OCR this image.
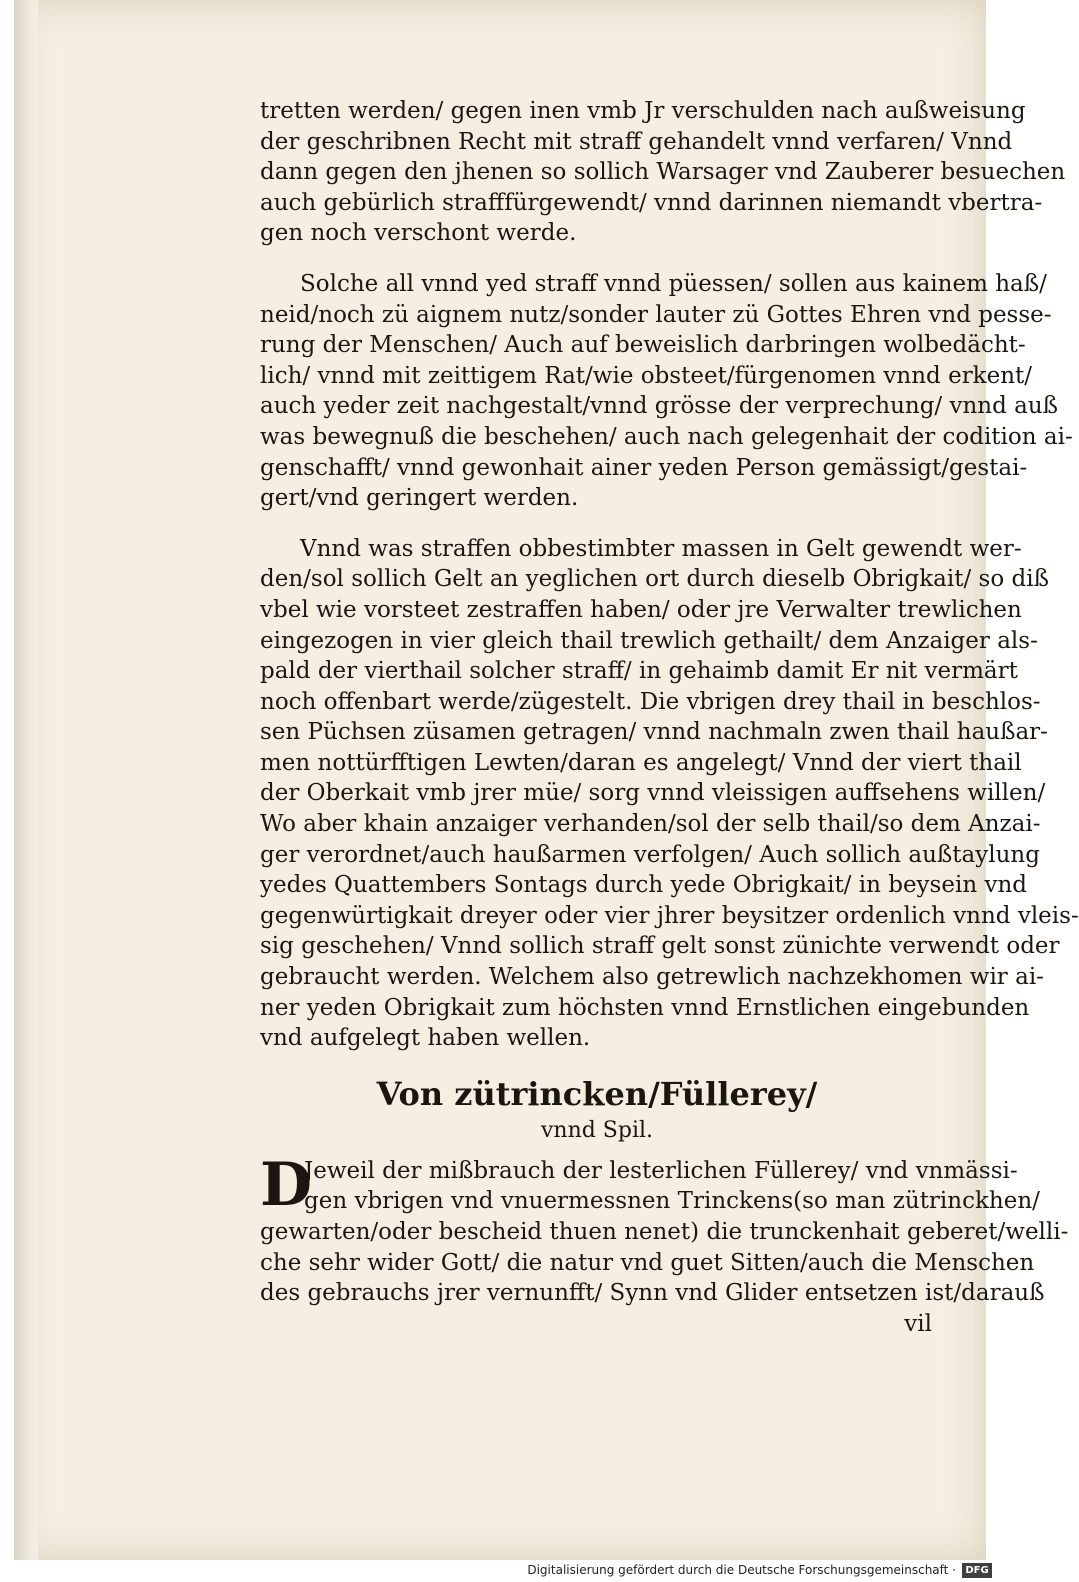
tretten werden/ gegen inen vmb Jr verschulden nach außweisung
der geschribnen Recht mit straff gehandelt vnnd verfaren/ Vnnd
dann gegen den jhenen so sollich Warsager vnd Zauberer besuechen
auch gebürlich strafffürgewendt/ vnnd darinnen niemandt vbertra-
gen noch verschont werde.
Solche all vnnd yed straff vnnd püessen/ sollen aus kainem haß/
neid/noch zü aignem nutz/sonder lauter zü Gottes Ehren vnd pesse-
rung der Menschen/ Auch auf beweislich darbringen wolbedächt-
lich/ vnnd mit zeittigem Rat/wie obsteet/fürgenomen vnnd erkent/
auch yeder zeit nachgestalt/vnnd grösse der verprechung/ vnnd auß
was bewegnuß die beschehen/ auch nach gelegenhait der codition ai-
genschafft/ vnnd gewonhait ainer yeden Person gemässigt/gestai-
gert/vnd geringert werden.
Vnnd was straffen obbestimbter massen in Gelt gewendt wer-
den/sol sollich Gelt an yeglichen ort durch dieselb Obrigkait/ so diß
vbel wie vorsteet zestraffen haben/ oder jre Verwalter trewlichen
eingezogen in vier gleich thail trewlich gethailt/ dem Anzaiger als-
pald der vierthail solcher straff/ in gehaimb damit Er nit vermärt
noch offenbart werde/zügestelt. Die vbrigen drey thail in beschlos-
sen Püchsen züsamen getragen/ vnnd nachmaln zwen thail haußar-
men nottürfftigen Lewten/daran es angelegt/ Vnnd der viert thail
der Oberkait vmb jrer müe/ sorg vnnd vleissigen auffsehens willen/
Wo aber khain anzaiger verhanden/sol der selb thail/so dem Anzai-
ger verordnet/auch haußarmen verfolgen/ Auch sollich außtaylung
yedes Quattembers Sontags durch yede Obrigkait/ in beysein vnd
gegenwürtigkait dreyer oder vier jhrer beysitzer ordenlich vnnd vleis-
sig geschehen/ Vnnd sollich straff gelt sonst zünichte verwendt oder
gebraucht werden. Welchem also getrewlich nachzekhomen wir ai-
ner yeden Obrigkait zum höchsten vnnd Ernstlichen eingebunden
vnd aufgelegt haben wellen.
Von zütrincken/Füllerey/
vnnd Spil.
D
Jeweil der mißbrauch der lesterlichen Füllerey/ vnd vnmässi-
gen vbrigen vnd vnuermessnen Trinckens(so man zütrinckhen/
gewarten/oder bescheid thuen nenet) die trunckenhait geberet/welli-
che sehr wider Gott/ die natur vnd guet Sitten/auch die Menschen
des gebrauchs jrer vernunfft/ Synn vnd Glider entsetzen ist/darauß
vil
Digitalisierung gefördert durch die Deutsche Forschungsgemeinschaft · DFG
